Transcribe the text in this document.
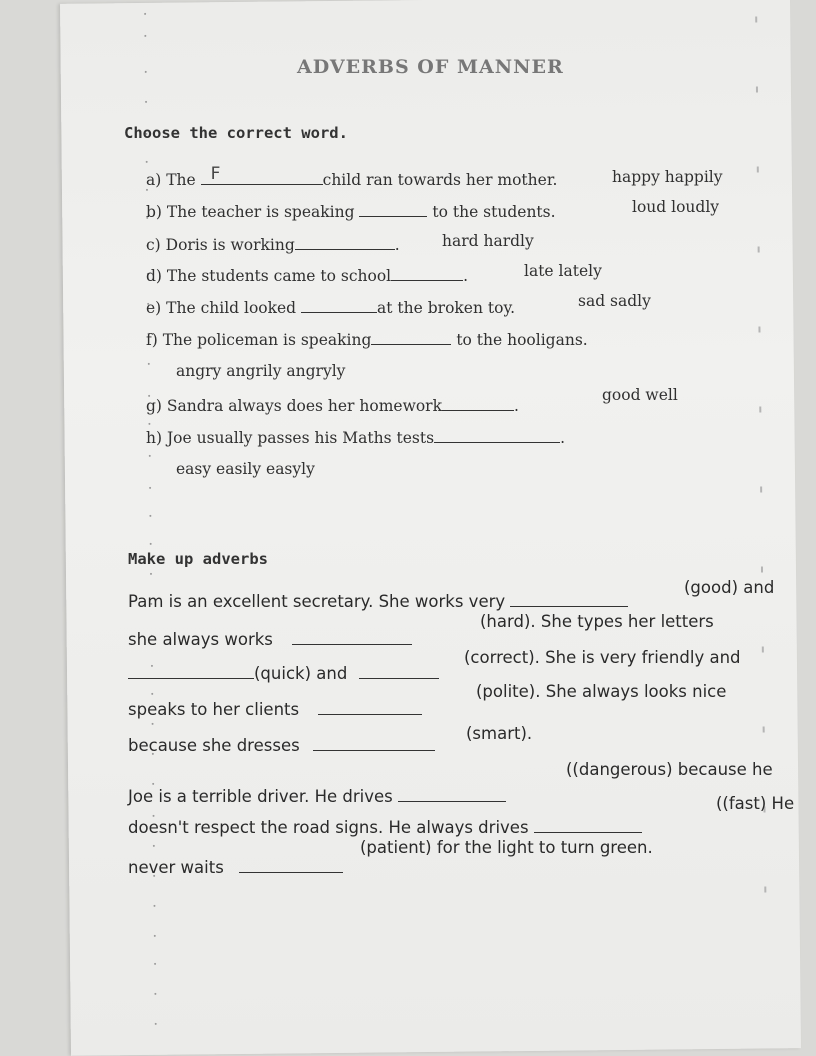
ADVERBS OF MANNER
Choose the correct word.
a) The F	child ran towards her mother.	happy happily
b) The teacher is speaking	to the students.	loud loudly
c) Doris is working	.	hard hardly
d) The students came to school	.	late lately
e) The child looked	at the broken toy.	sad sadly
f) The policeman is speaking	to the hooligans.
angry angrily angryly
g) Sandra always does her homework	.
good well
h) Joe usually passes his Maths tests	.
easy easily easyly
Make up adverbs
Pam is an excellent secretary. She works very
(good) and
she always works
(hard). She types her letters
(quick) and
(correct). She is very friendly and
speaks to her clients
(polite). She always looks nice
because she dresses
(smart).
Joe is a terrible driver. He drives
((dangerous) because he
doesn't respect the road signs. He always drives
((fast) He
never waits
(patient) for the light to turn green.
